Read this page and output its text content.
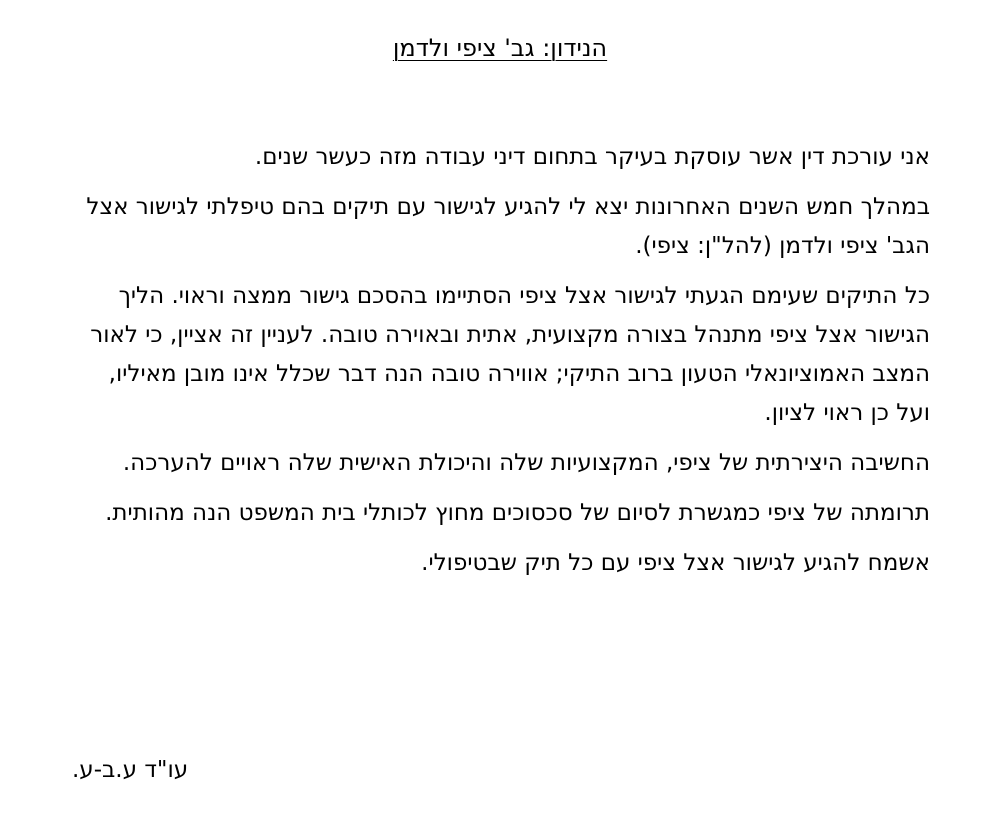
הנידון: גב' ציפי ולדמן

אני עורכת דין אשר עוסקת בעיקר בתחום דיני עבודה מזה כעשר שנים.

במהלך חמש השנים האחרונות יצא לי להגיע לגישור עם תיקים בהם טיפלתי לגישור אצל הגב' ציפי ולדמן (להל"ן: ציפי).

כל התיקים שעימם הגעתי לגישור אצל ציפי הסתיימו בהסכם גישור ממצה וראוי. הליך הגישור אצל ציפי מתנהל בצורה מקצועית, אתית ובאוירה טובה. לעניין זה אציין, כי לאור המצב האמוציונאלי הטעון ברוב התיקי; אווירה טובה הנה דבר שכלל אינו מובן מאיליו, ועל כן ראוי לציון.

החשיבה היצירתית של ציפי, המקצועיות שלה והיכולת האישית שלה ראויים להערכה.

תרומתה של ציפי כמגשרת לסיום של סכסוכים מחוץ לכותלי בית המשפט הנה מהותית.

אשמח להגיע לגישור אצל ציפי עם כל תיק שבטיפולי.

עו"ד ע.ב-ע.
